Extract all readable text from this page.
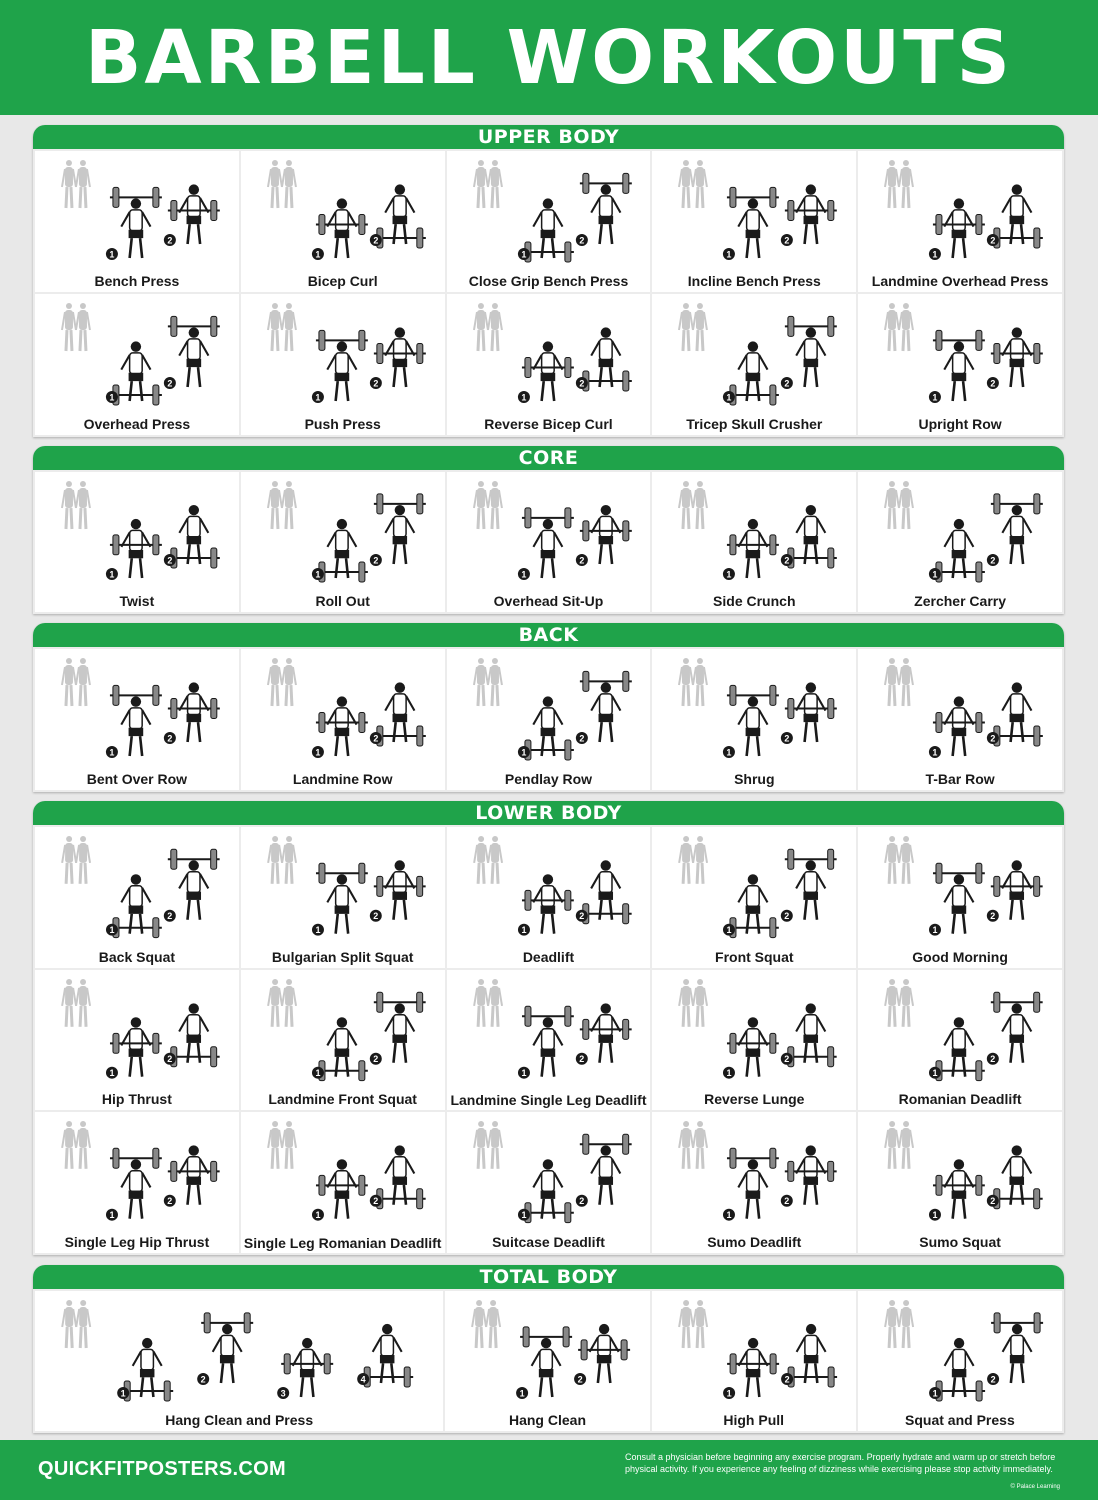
BARBELL WORKOUTS
UPPER BODY
1
2
Bench Press
1
2
Bicep Curl
1
2
Close Grip Bench Press
1
2
Incline Bench Press
1
2
Landmine Overhead Press
1
2
Overhead Press
1
2
Push Press
1
2
Reverse Bicep Curl
1
2
Tricep Skull Crusher
1
2
Upright Row
CORE
1
2
Twist
1
2
Roll Out
1
2
Overhead Sit-Up
1
2
Side Crunch
1
2
Zercher Carry
BACK
1
2
Bent Over Row
1
2
Landmine Row
1
2
Pendlay Row
1
2
Shrug
1
2
T-Bar Row
LOWER BODY
1
2
Back Squat
1
2
Bulgarian Split Squat
1
2
Deadlift
1
2
Front Squat
1
2
Good Morning
1
2
Hip Thrust
1
2
Landmine Front Squat
1
2
Landmine Single Leg Deadlift
1
2
Reverse Lunge
1
2
Romanian Deadlift
1
2
Single Leg Hip Thrust
1
2
Single Leg Romanian Deadlift
1
2
Suitcase Deadlift
1
2
Sumo Deadlift
1
2
Sumo Squat
TOTAL BODY
1
2
3
4
Hang Clean and Press
1
2
Hang Clean
1
2
High Pull
1
2
Squat and Press
QUICKFITPOSTERS.COM
Consult a physician before beginning any exercise program. Properly hydrate and warm up or stretch before physical activity. If you experience any feeling of dizziness while exercising please stop activity immediately.
© Palace Learning
